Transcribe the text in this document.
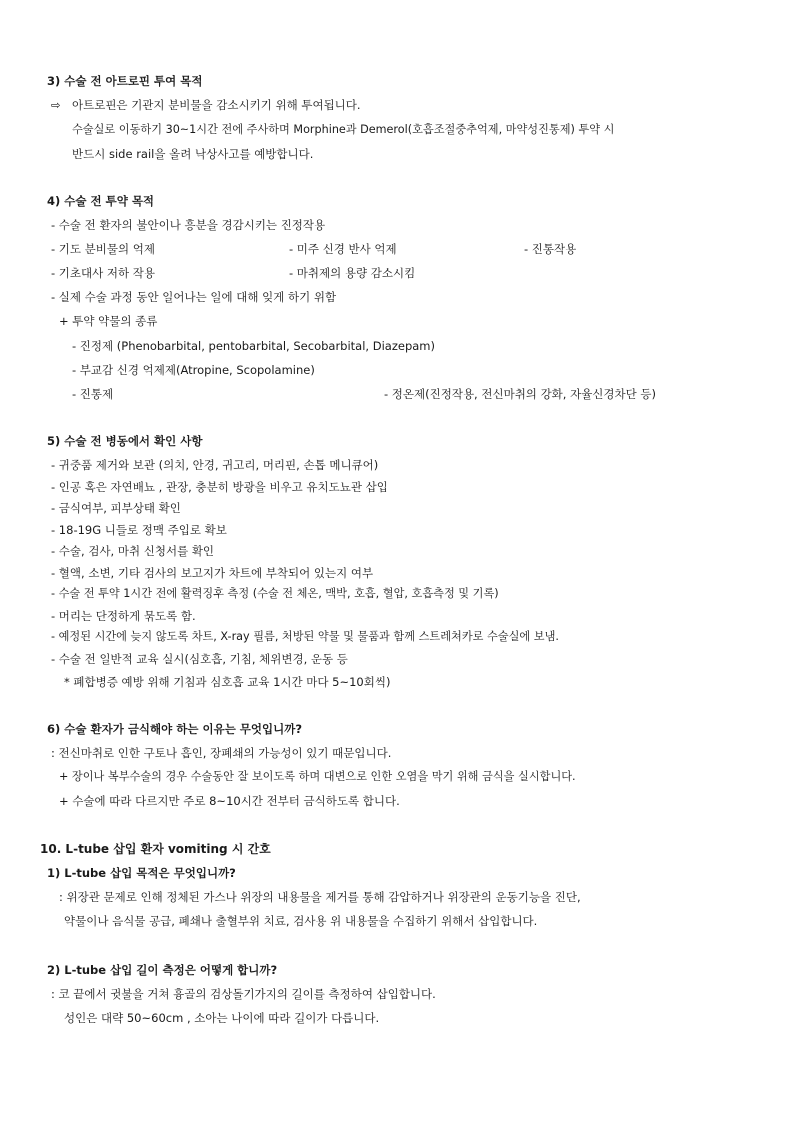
3) 수술 전 아트로핀 투여 목적
⇨ 아트로핀은 기관지 분비물을 감소시키기 위해 투여됩니다.
수술실로 이동하기 30~1시간 전에 주사하며 Morphine과 Demerol(호흡조절중추억제, 마약성진통제) 투약 시
반드시 side rail을 올려 낙상사고를 예방합니다.
4) 수술 전 투약 목적
- 수술 전 환자의 불안이나 흥분을 경감시키는 진정작용
- 기도 분비물의 억제	- 미주 신경 반사 억제	- 진통작용
- 기초대사 저하 작용	- 마취제의 용량 감소시킴
- 실제 수술 과정 동안 일어나는 일에 대해 잊게 하기 위함
+ 투약 약물의 종류
- 진정제 (Phenobarbital, pentobarbital, Secobarbital, Diazepam)
- 부교감 신경 억제제(Atropine, Scopolamine)
- 진통제	- 정온제(진정작용, 전신마취의 강화, 자율신경차단 등)
5) 수술 전 병동에서 확인 사항
- 귀중품 제거와 보관 (의치, 안경, 귀고리, 머리핀, 손톱 메니큐어)
- 인공 혹은 자연배뇨 , 관장, 충분히 방광을 비우고 유치도뇨관 삽입
- 금식여부, 피부상태 확인
- 18-19G 니들로 정맥 주입로 확보
- 수술, 검사, 마취 신청서를 확인
- 혈액, 소변, 기타 검사의 보고지가 차트에 부착되어 있는지 여부
- 수술 전 투약 1시간 전에 활력징후 측정 (수술 전 체온, 맥박, 호흡, 혈압, 호흡측정 및 기록)
- 머리는 단정하게 묶도록 함.
- 예정된 시간에 늦지 않도록 차트, X-ray 필름, 처방된 약물 및 물품과 함께 스트레쳐카로 수술실에 보냄.
- 수술 전 일반적 교육 실시(심호흡, 기침, 체위변경, 운동 등
* 폐합병증 예방 위해 기침과 심호흡 교육 1시간 마다 5~10회씩)
6) 수술 환자가 금식해야 하는 이유는 무엇입니까?
: 전신마취로 인한 구토나 흡인, 장폐쇄의 가능성이 있기 때문입니다.
+ 장이나 복부수술의 경우 수술동안 잘 보이도록 하며 대변으로 인한 오염을 막기 위해 금식을 실시합니다.
+ 수술에 따라 다르지만 주로 8~10시간 전부터 금식하도록 합니다.
10. L-tube 삽입 환자 vomiting 시 간호
1) L-tube 삽입 목적은 무엇입니까?
: 위장관 문제로 인해 정체된 가스나 위장의 내용물을 제거를 통해 감압하거나 위장관의 운동기능을 진단,
약물이나 음식물 공급, 폐쇄나 출혈부위 치료, 검사용 위 내용물을 수집하기 위해서 삽입합니다.
2) L-tube 삽입 길이 측정은 어떻게 합니까?
: 코 끝에서 귓불을 거쳐 흉골의 검상돌기가지의 길이를 측정하여 삽입합니다.
성인은 대략 50~60cm , 소아는 나이에 따라 길이가 다릅니다.
